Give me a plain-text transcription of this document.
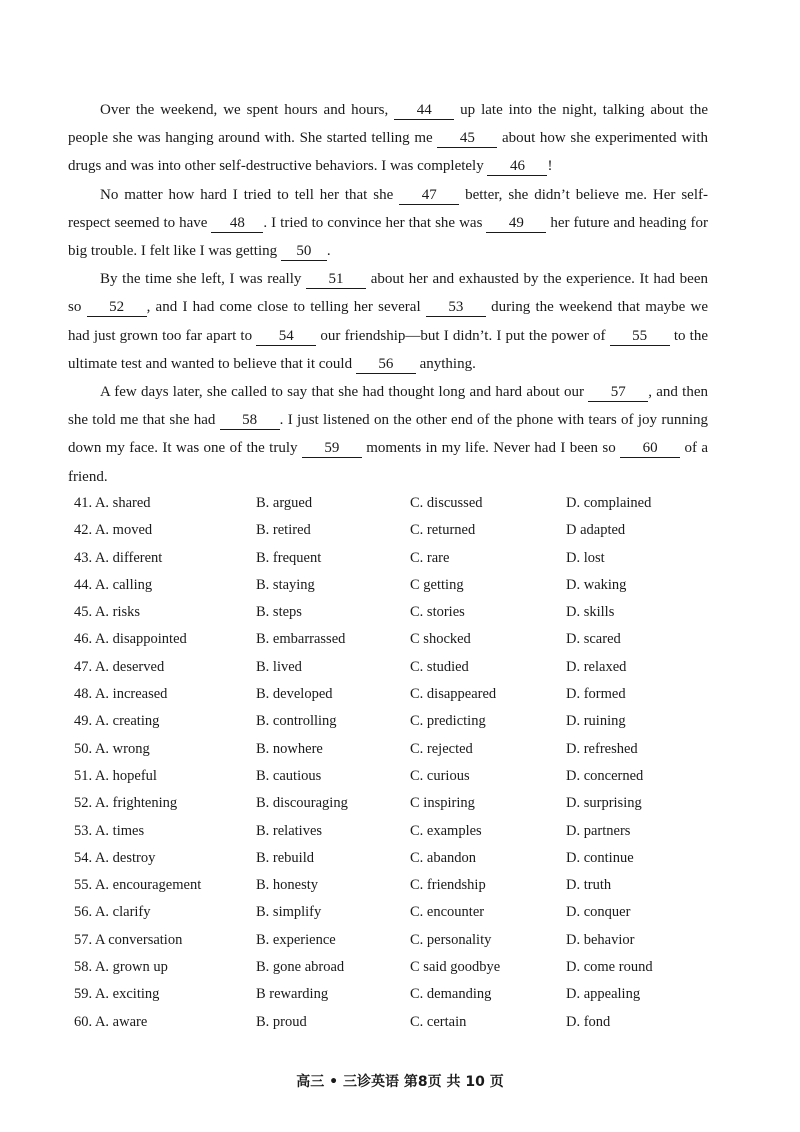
Over the weekend, we spent hours and hours, 44 up late into the night, talking about the people she was hanging around with. She started telling me 45 about how she experimented with drugs and was into other self-destructive behaviors. I was completely 46 !

No matter how hard I tried to tell her that she 47 better, she didn’t believe me. Her self-respect seemed to have 48 . I tried to convince her that she was 49 her future and heading for big trouble. I felt like I was getting 50 .

By the time she left, I was really 51 about her and exhausted by the experience. It had been so 52 , and I had come close to telling her several 53 during the weekend that maybe we had just grown too far apart to 54 our friendship—but I didn’t. I put the power of 55 to the ultimate test and wanted to believe that it could 56 anything.

A few days later, she called to say that she had thought long and hard about our 57 , and then she told me that she had 58 . I just listened on the other end of the phone with tears of joy running down my face. It was one of the truly 59 moments in my life. Never had I been so 60 of a friend.

41. A. shared	B. argued	C. discussed	D. complained
42. A. moved	B. retired	C. returned	D adapted
43. A. different	B. frequent	C. rare	D. lost
44. A. calling	B. staying	C getting	D. waking
45. A. risks	B. steps	C. stories	D. skills
46. A. disappointed	B. embarrassed	C shocked	D. scared
47. A. deserved	B. lived	C. studied	D. relaxed
48. A. increased	B. developed	C. disappeared	D. formed
49. A. creating	B. controlling	C. predicting	D. ruining
50. A. wrong	B. nowhere	C. rejected	D. refreshed
51. A. hopeful	B. cautious	C. curious	D. concerned
52. A. frightening	B. discouraging	C inspiring	D. surprising
53. A. times	B. relatives	C. examples	D. partners
54. A. destroy	B. rebuild	C. abandon	D. continue
55. A. encouragement	B. honesty	C. friendship	D. truth
56. A. clarify	B. simplify	C. encounter	D. conquer
57. A conversation	B. experience	C. personality	D. behavior
58. A. grown up	B. gone abroad	C said goodbye	D. come round
59. A. exciting	B rewarding	C. demanding	D. appealing
60. A. aware	B. proud	C. certain	D. fond
高三 • 三诊英语 第8页 共 10 页
